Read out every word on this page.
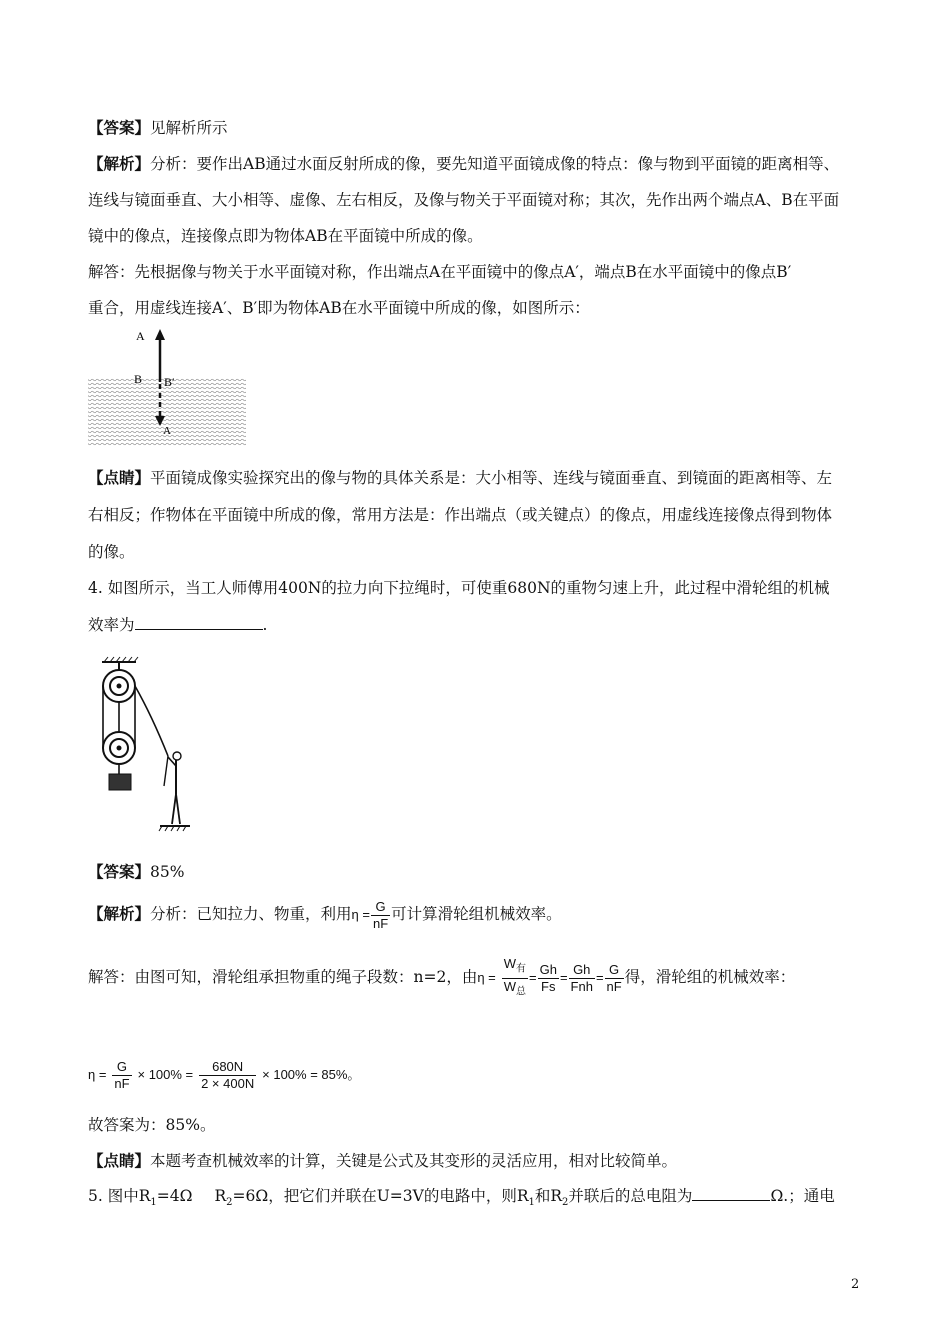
【答案】见解析所示
【解析】分析：要作出AB通过水面反射所成的像，要先知道平面镜成像的特点：像与物到平面镜的距离相等、
连线与镜面垂直、大小相等、虚像、左右相反，及像与物关于平面镜对称；其次，先作出两个端点A、B在平面
镜中的像点，连接像点即为物体AB在平面镜中所成的像。
解答：先根据像与物关于水平面镜对称，作出端点A在平面镜中的像点A′，端点B在水平面镜中的像点B′
重合，用虚线连接A′、B′即为物体AB在水平面镜中所成的像，如图所示：
A
B B′
A
【点睛】平面镜成像实验探究出的像与物的具体关系是：大小相等、连线与镜面垂直、到镜面的距离相等、左
右相反；作物体在平面镜中所成的像，常用方法是：作出端点（或关键点）的像点，用虚线连接像点得到物体
的像。
4. 如图所示，当工人师傅用400N的拉力向下拉绳时，可使重680N的重物匀速上升，此过程中滑轮组的机械
效率为	.
【答案】85%
【解析】分析：已知拉力、物重，利用$\eta = \frac{G}{nF}$ 可计算滑轮组机械效率。
解答：由图可知，滑轮组承担物重的绳子段数：n=2，由$\eta = \frac{W_有}{W_总} = \frac{Gh}{Fs} = \frac{Gh}{\text{Fnh}} = \frac{G}{nF}$ 得，滑轮组的机械效率：
$\eta = \frac{G}{nF} \times 100\% = \frac{680N}{2 \times 400N} \times 100\% = 85\%$。
故答案为：85%。
【点睛】本题考查机械效率的计算，关键是公式及其变形的灵活应用，相对比较简单。
5. 图中$R_1=4\Omega$ $R_2=6\Omega$，把它们并联在U=3V的电路中，则$R_1$和$R_2$并联后的总电阻为	Ω.；通电
2
